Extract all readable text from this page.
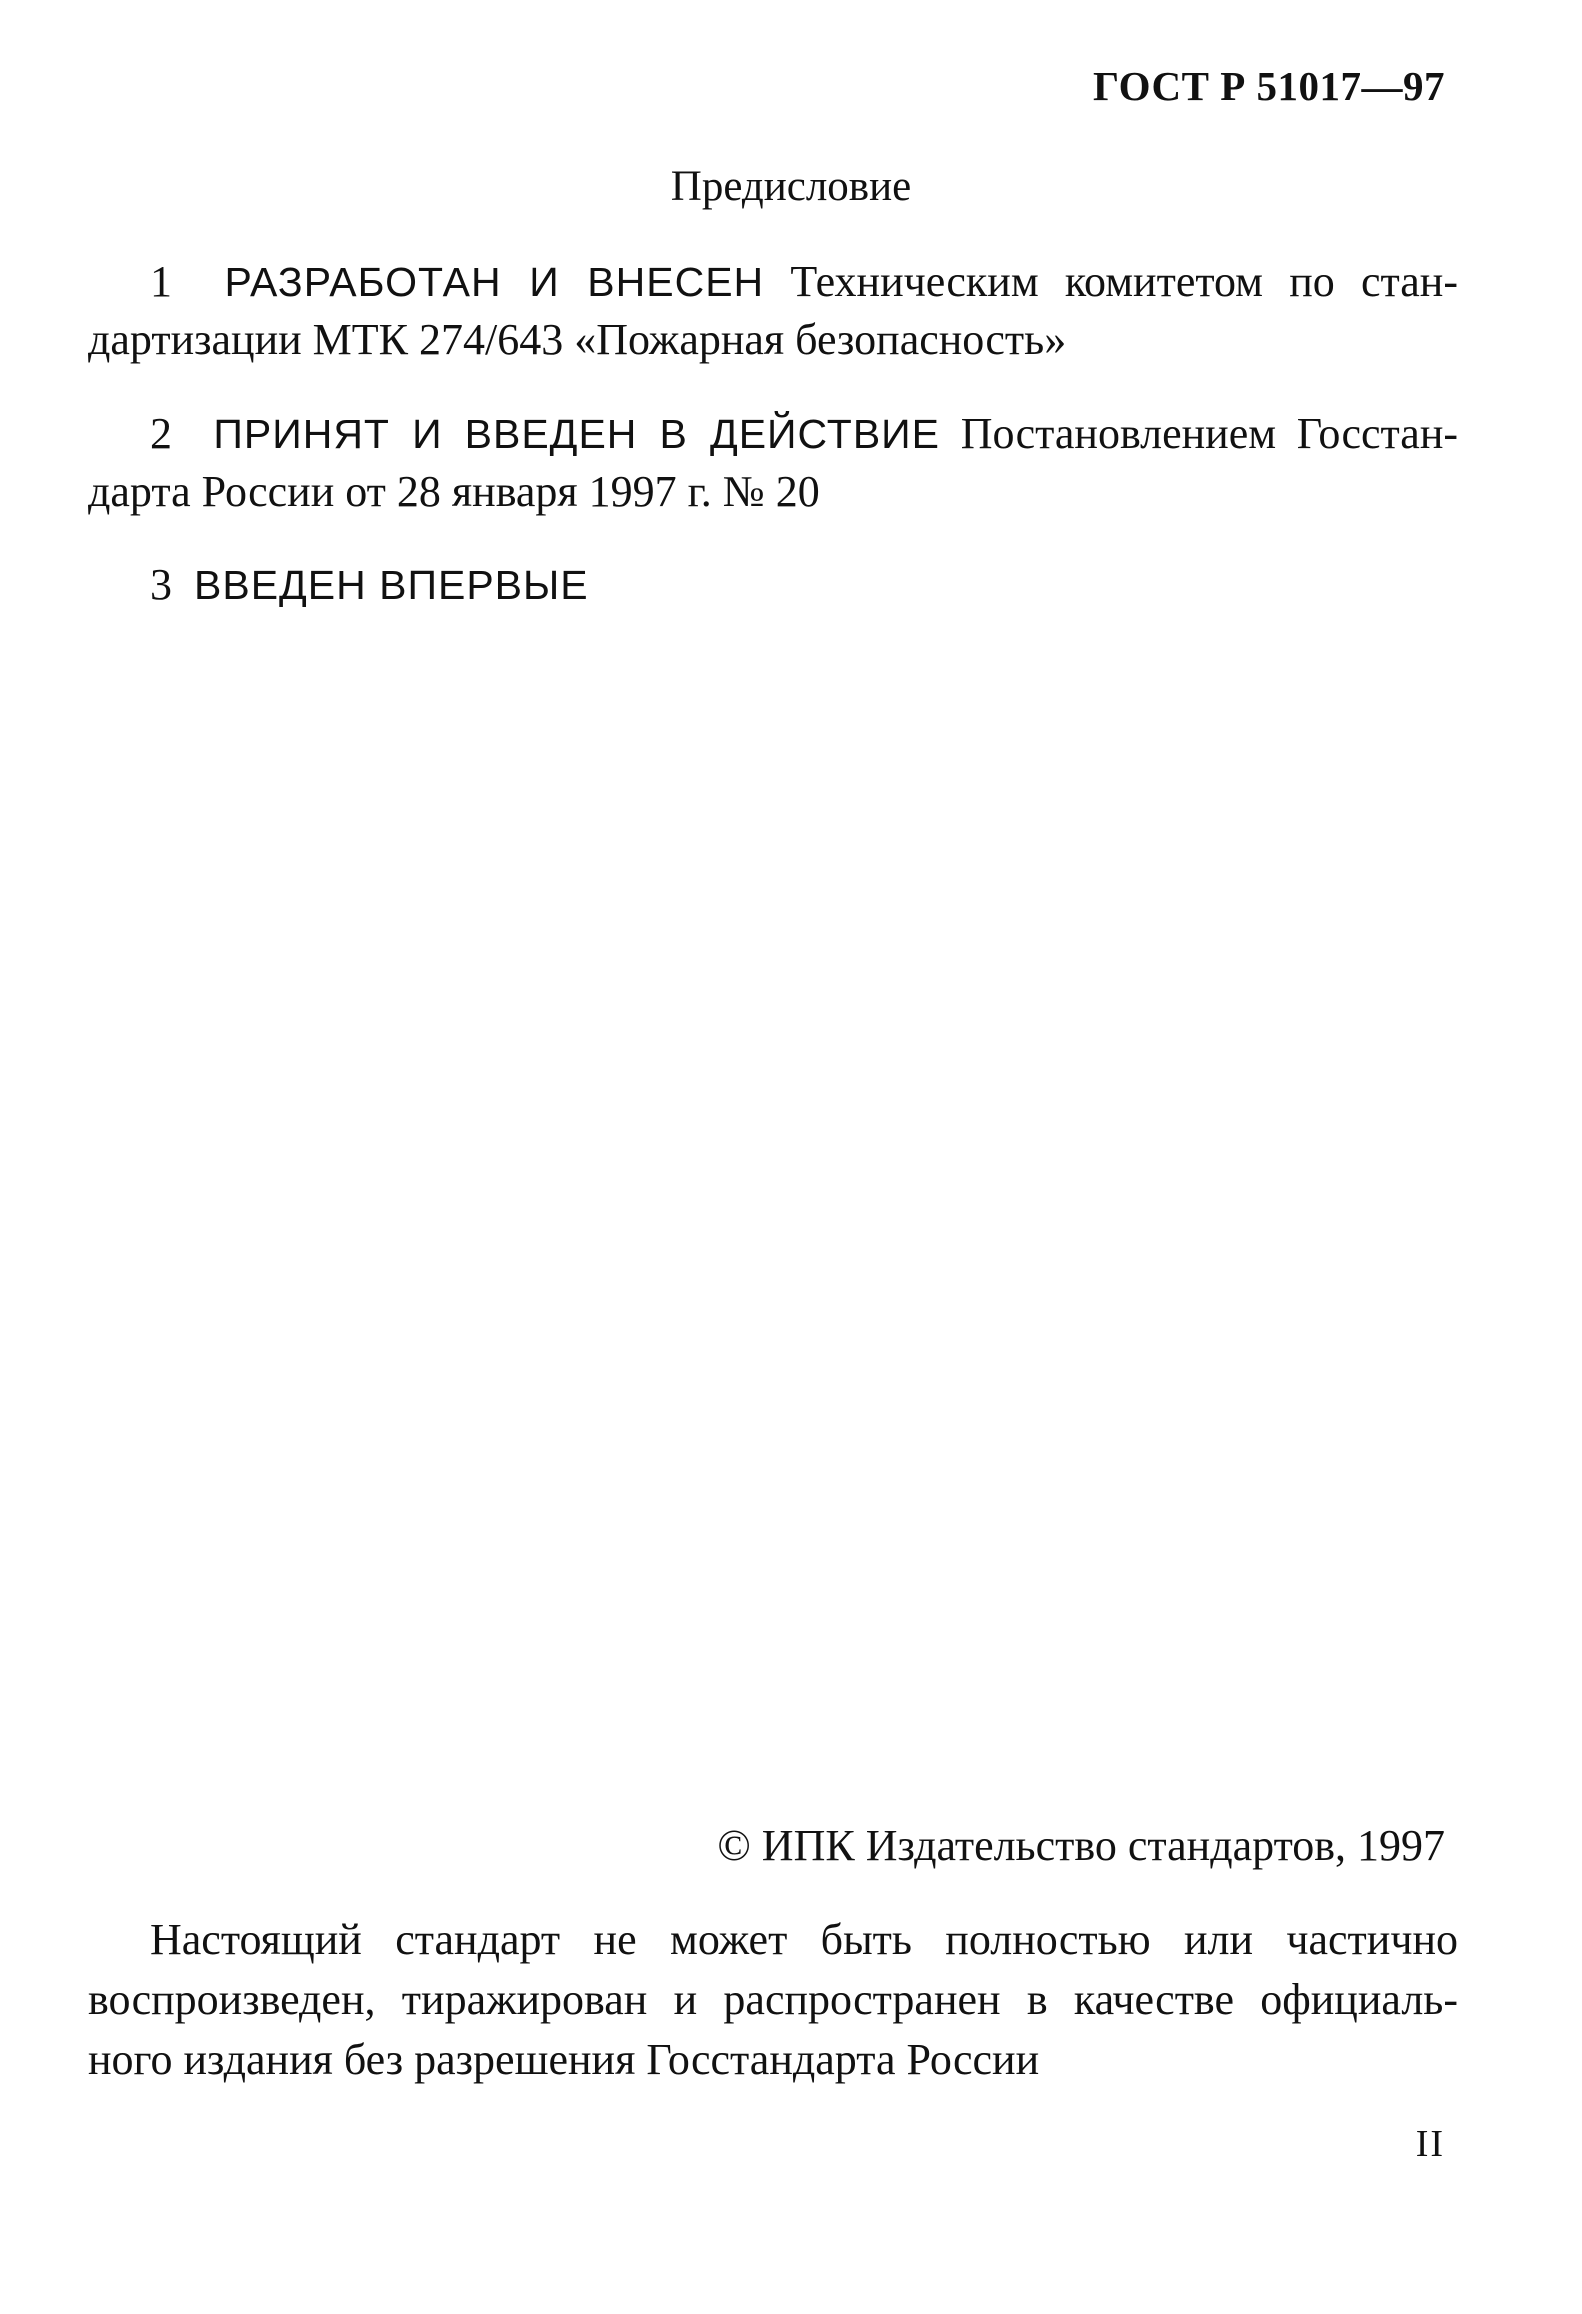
ГОСТ Р 51017—97
Предисловие
1 РАЗРАБОТАН И ВНЕСЕН Техническим комитетом по стан-
дартизации МТК 274/643 «Пожарная безопасность»
2 ПРИНЯТ И ВВЕДЕН В ДЕЙСТВИЕ Постановлением Госстан-
дарта России от 28 января 1997 г. № 20
3 ВВЕДЕН ВПЕРВЫЕ
© ИПК Издательство стандартов, 1997
Настоящий стандарт не может быть полностью или частично
воспроизведен, тиражирован и распространен в качестве официаль-
ного издания без разрешения Госстандарта России
II
